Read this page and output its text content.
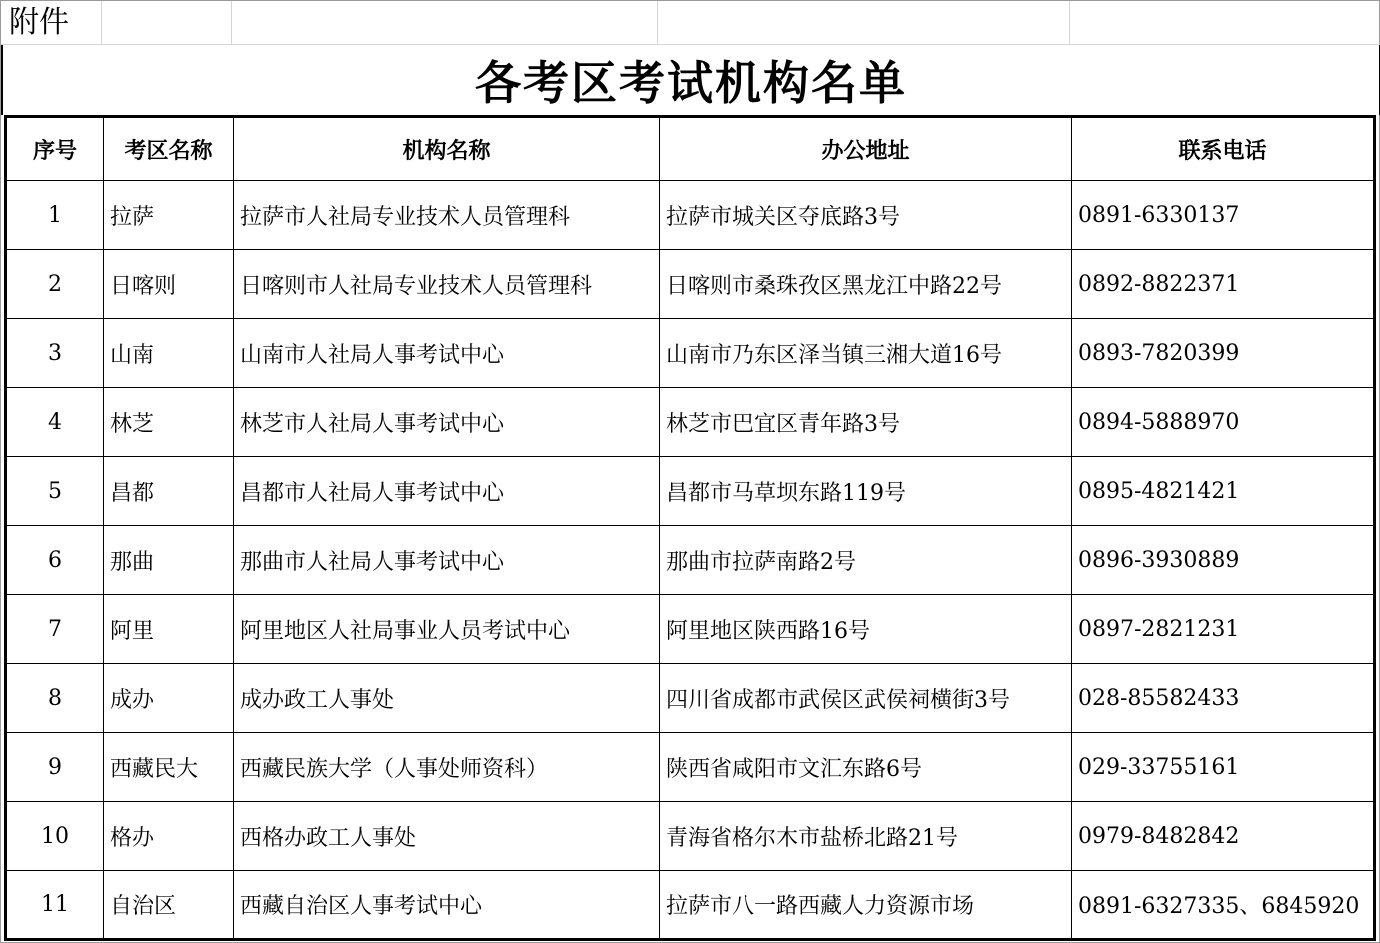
附件
各考区考试机构名单
序号	考区名称	机构名称	办公地址	联系电话
1	拉萨	拉萨市人社局专业技术人员管理科	拉萨市城关区夺底路3号	0891-6330137
2	日喀则	日喀则市人社局专业技术人员管理科	日喀则市桑珠孜区黑龙江中路22号	0892-8822371
3	山南	山南市人社局人事考试中心	山南市乃东区泽当镇三湘大道16号	0893-7820399
4	林芝	林芝市人社局人事考试中心	林芝市巴宜区青年路3号	0894-5888970
5	昌都	昌都市人社局人事考试中心	昌都市马草坝东路119号	0895-4821421
6	那曲	那曲市人社局人事考试中心	那曲市拉萨南路2号	0896-3930889
7	阿里	阿里地区人社局事业人员考试中心	阿里地区陕西路16号	0897-2821231
8	成办	成办政工人事处	四川省成都市武侯区武侯祠横街3号	028-85582433
9	西藏民大	西藏民族大学（人事处师资科）	陕西省咸阳市文汇东路6号	029-33755161
10	格办	西格办政工人事处	青海省格尔木市盐桥北路21号	0979-8482842
11	自治区	西藏自治区人事考试中心	拉萨市八一路西藏人力资源市场	0891-6327335、6845920
